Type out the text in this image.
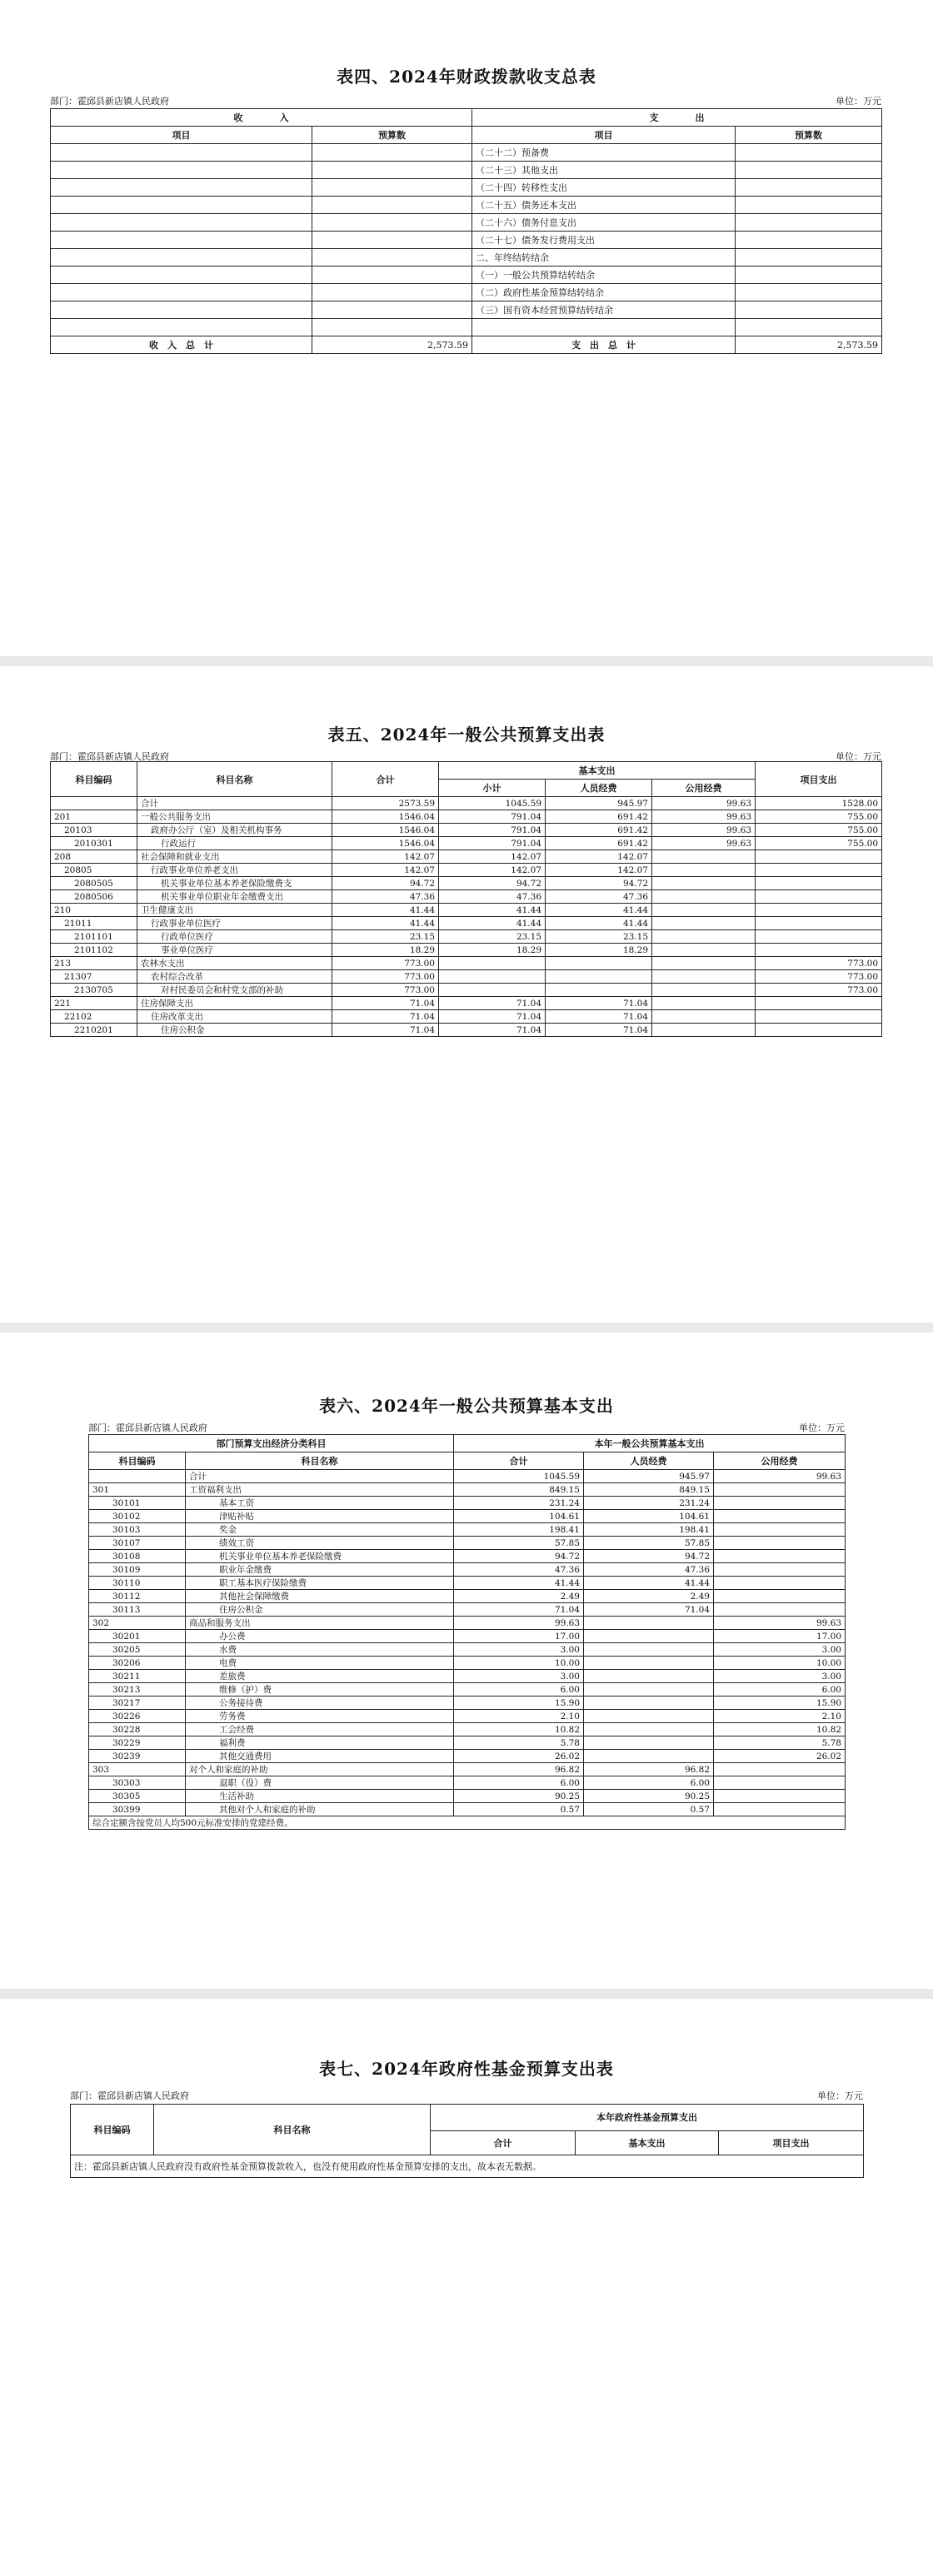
表四、2024年财政拨款收支总表
部门：霍邱县新店镇人民政府	单位：万元
收　　　　入		支　　　　出	
项目	预算数	项目	预算数
		（二十二）预备费	
		（二十三）其他支出	
		（二十四）转移性支出	
		（二十五）债务还本支出	
		（二十六）债务付息支出	
		（二十七）债务发行费用支出	
		二、年终结转结余	
		（一）一般公共预算结转结余	
		（二）政府性基金预算结转结余	
		（三）国有资本经营预算结转结余	

收　入　总　计	2,573.59	支　出　总　计	2,573.59
表五、2024年一般公共预算支出表
部门：霍邱县新店镇人民政府	单位：万元
科目编码	科目名称	合计	基本支出			项目支出
			小计	人员经费	公用经费	
	合计	2573.59	1045.59	945.97	99.63	1528.00
201	一般公共服务支出	1546.04	791.04	691.42	99.63	755.00
20103	政府办公厅（室）及相关机构事务	1546.04	791.04	691.42	99.63	755.00
2010301	行政运行	1546.04	791.04	691.42	99.63	755.00
208	社会保障和就业支出	142.07	142.07	142.07		
20805	行政事业单位养老支出	142.07	142.07	142.07		
2080505	机关事业单位基本养老保险缴费支	94.72	94.72	94.72		
2080506	机关事业单位职业年金缴费支出	47.36	47.36	47.36		
210	卫生健康支出	41.44	41.44	41.44		
21011	行政事业单位医疗	41.44	41.44	41.44		
2101101	行政单位医疗	23.15	23.15	23.15		
2101102	事业单位医疗	18.29	18.29	18.29		
213	农林水支出	773.00				773.00
21307	农村综合改革	773.00				773.00
2130705	对村民委员会和村党支部的补助	773.00				773.00
221	住房保障支出	71.04	71.04	71.04		
22102	住房改革支出	71.04	71.04	71.04		
2210201	住房公积金	71.04	71.04	71.04		
表六、2024年一般公共预算基本支出
部门：霍邱县新店镇人民政府	单位：万元
部门预算支出经济分类科目		本年一般公共预算基本支出		
科目编码	科目名称	合计	人员经费	公用经费
	合计	1045.59	945.97	99.63
301	工资福利支出	849.15	849.15	
30101	基本工资	231.24	231.24	
30102	津贴补贴	104.61	104.61	
30103	奖金	198.41	198.41	
30107	绩效工资	57.85	57.85	
30108	机关事业单位基本养老保险缴费	94.72	94.72	
30109	职业年金缴费	47.36	47.36	
30110	职工基本医疗保险缴费	41.44	41.44	
30112	其他社会保障缴费	2.49	2.49	
30113	住房公积金	71.04	71.04	
302	商品和服务支出	99.63		99.63
30201	办公费	17.00		17.00
30205	水费	3.00		3.00
30206	电费	10.00		10.00
30211	差旅费	3.00		3.00
30213	维修（护）费	6.00		6.00
30217	公务接待费	15.90		15.90
30226	劳务费	2.10		2.10
30228	工会经费	10.82		10.82
30229	福利费	5.78		5.78
30239	其他交通费用	26.02		26.02
303	对个人和家庭的补助	96.82	96.82	
30303	退职（役）费	6.00	6.00	
30305	生活补助	90.25	90.25	
30399	其他对个人和家庭的补助	0.57	0.57	
综合定额含按党员人均500元标准安排的党建经费。				
表七、2024年政府性基金预算支出表
部门：霍邱县新店镇人民政府	单位：万元
科目编码	科目名称	本年政府性基金预算支出		
		合计	基本支出	项目支出
注：霍邱县新店镇人民政府没有政府性基金预算拨款收入，也没有使用政府性基金预算安排的支出，故本表无数据。				
